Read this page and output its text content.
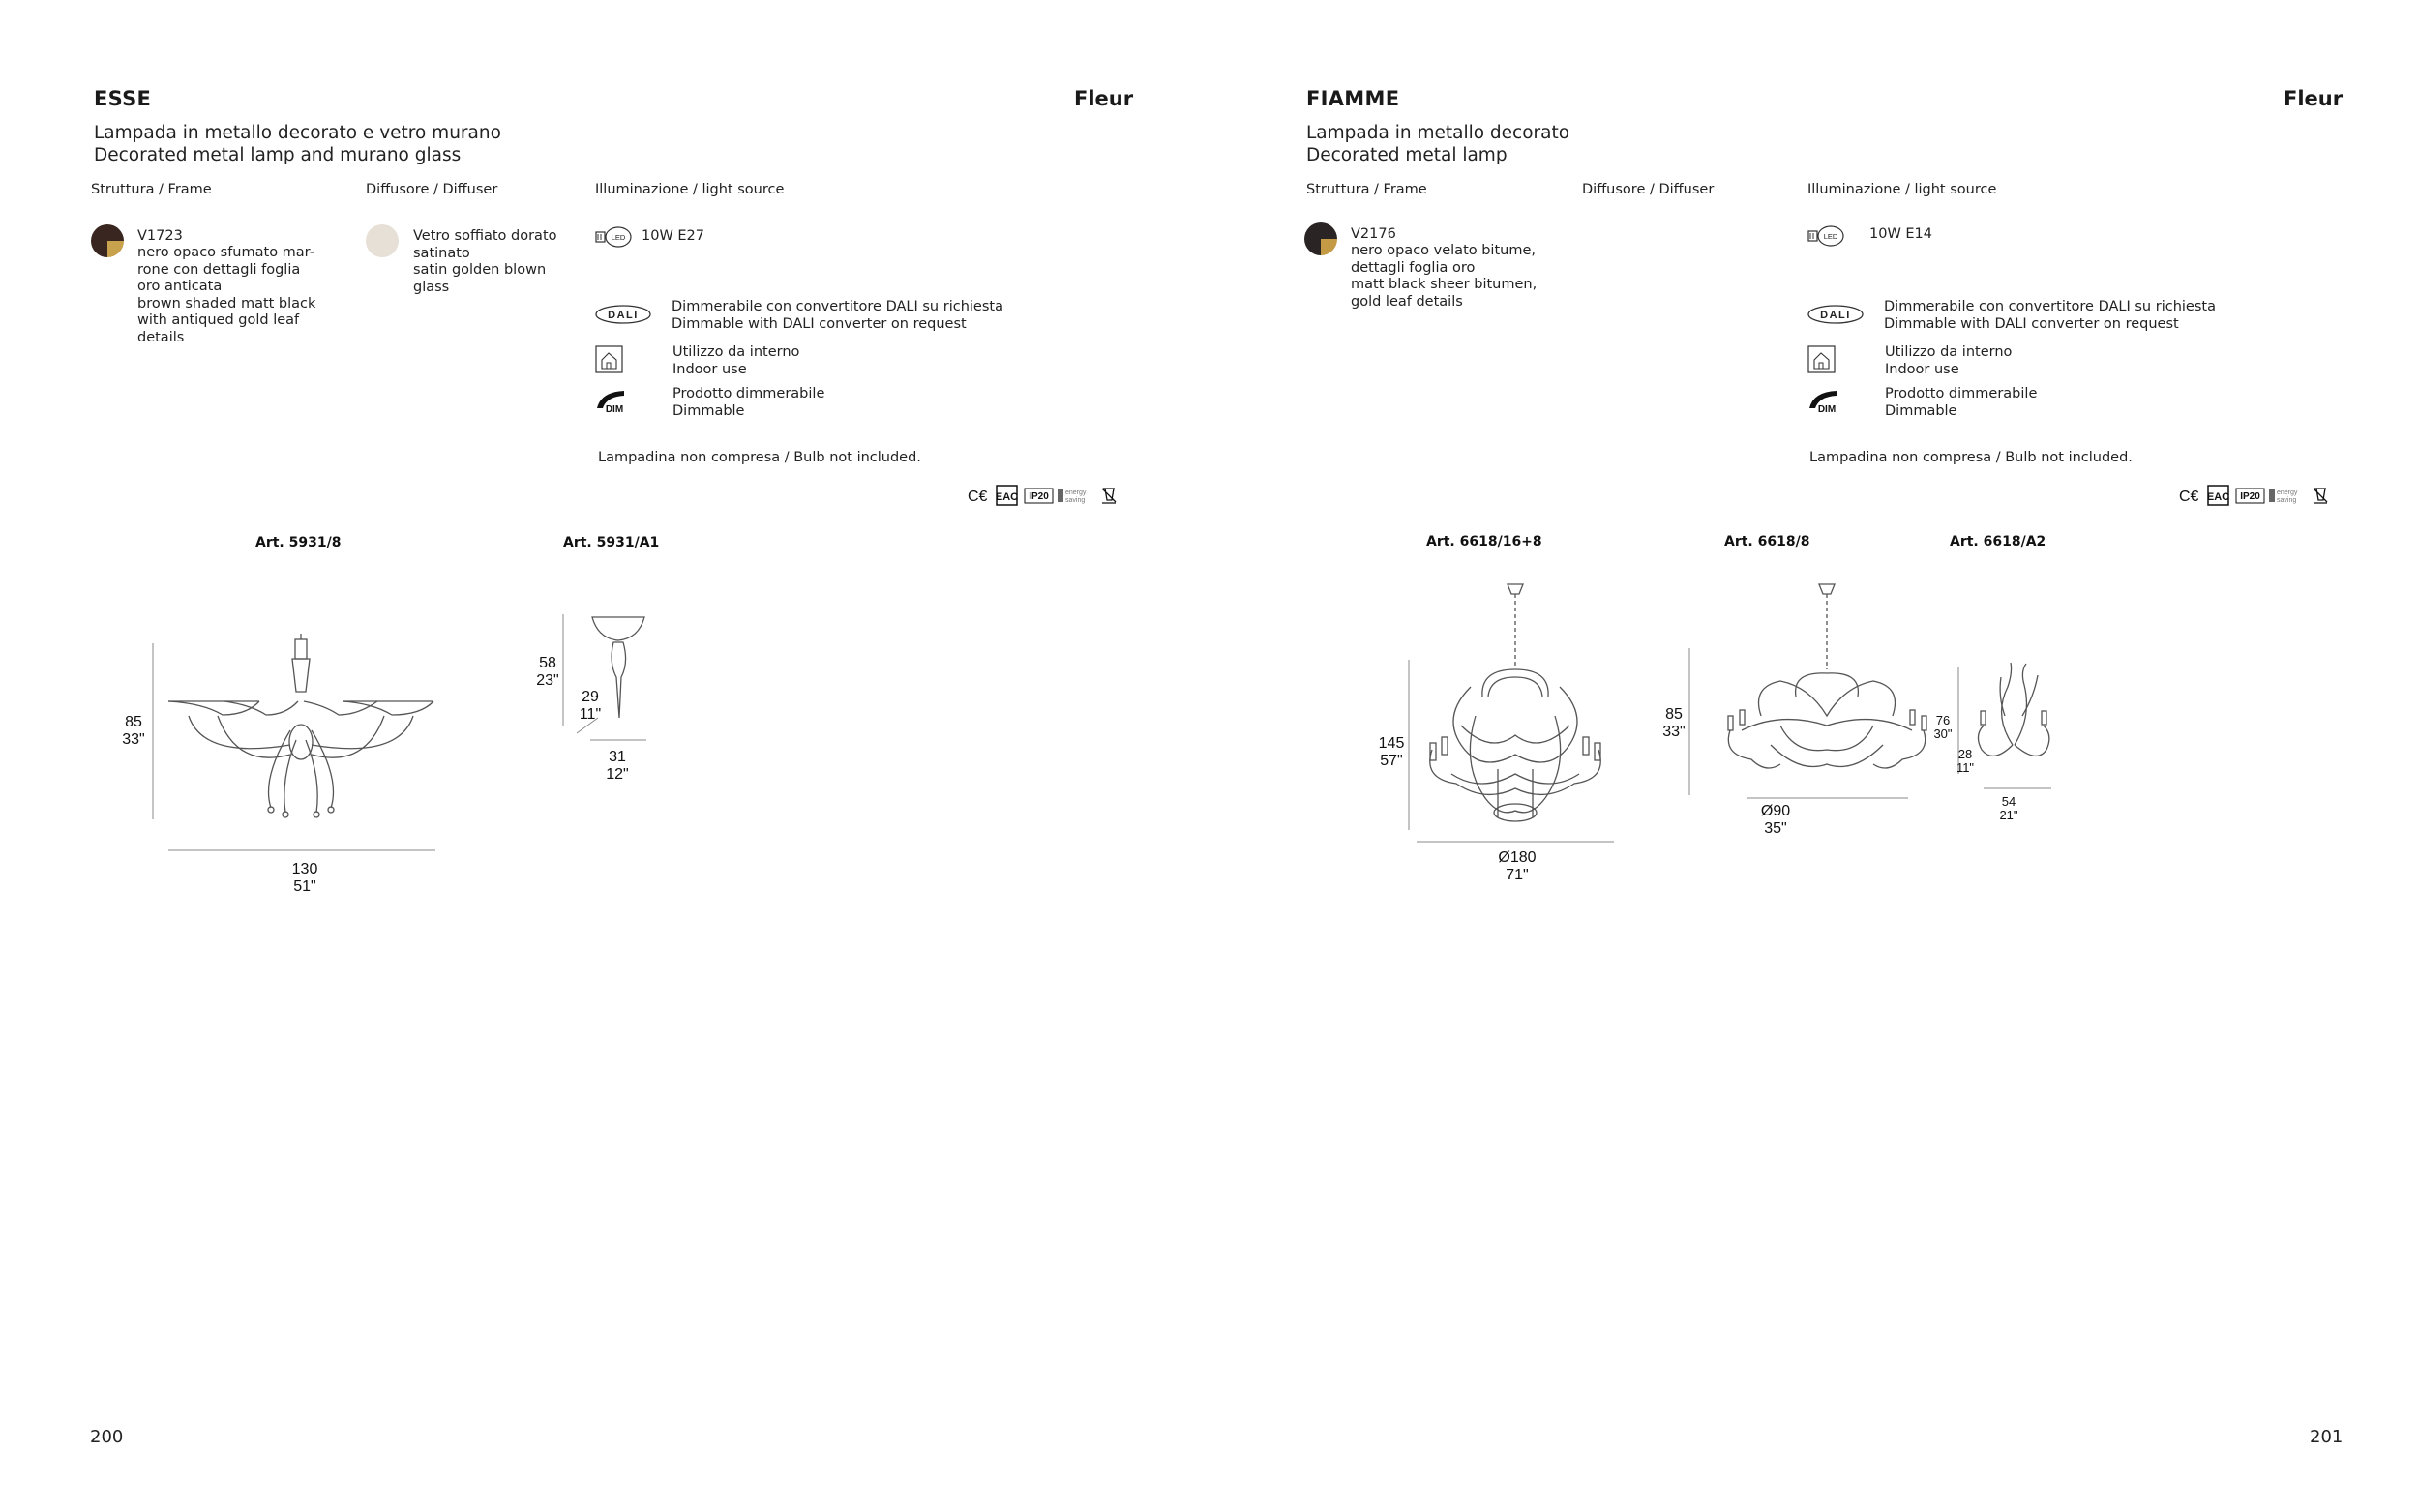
ESSE	Fleur
Lampada in metallo decorato e vetro murano
Decorated metal lamp and murano glass
Struttura / Frame	Diffusore / Diffuser	Illuminazione / light source
V1723
nero opaco sfumato mar-
rone con dettagli foglia
oro anticata
brown shaded matt black
with antiqued gold leaf
details
Vetro soffiato dorato
satinato
satin golden blown
glass
LED 10W E27
DALI
Dimmerabile con convertitore DALI su richiesta
Dimmable with DALI converter on request
Utilizzo da interno
Indoor use
DIM
Prodotto dimmerabile
Dimmable
Lampadina non compresa / Bulb not included.
C€ EAC IP20 energy
saving
Art. 5931/8	Art. 5931/A1
85
33"
130
51"
58
23"
29
11"
31
12"
200
FIAMME	Fleur
Lampada in metallo decorato
Decorated metal lamp
Struttura / Frame	Diffusore / Diffuser	Illuminazione / light source
V2176
nero opaco velato bitume,
dettagli foglia oro
matt black sheer bitumen,
gold leaf details
LED 10W E14
DALI
Dimmerabile con convertitore DALI su richiesta
Dimmable with DALI converter on request
Utilizzo da interno
Indoor use
DIM
Prodotto dimmerabile
Dimmable
Lampadina non compresa / Bulb not included.
C€ EAC IP20 energy
saving
Art. 6618/16+8	Art. 6618/8	Art. 6618/A2
145
57"
Ø180
71"
85
33"
Ø90
35"
76
30"
28
11"
54
21"
201
